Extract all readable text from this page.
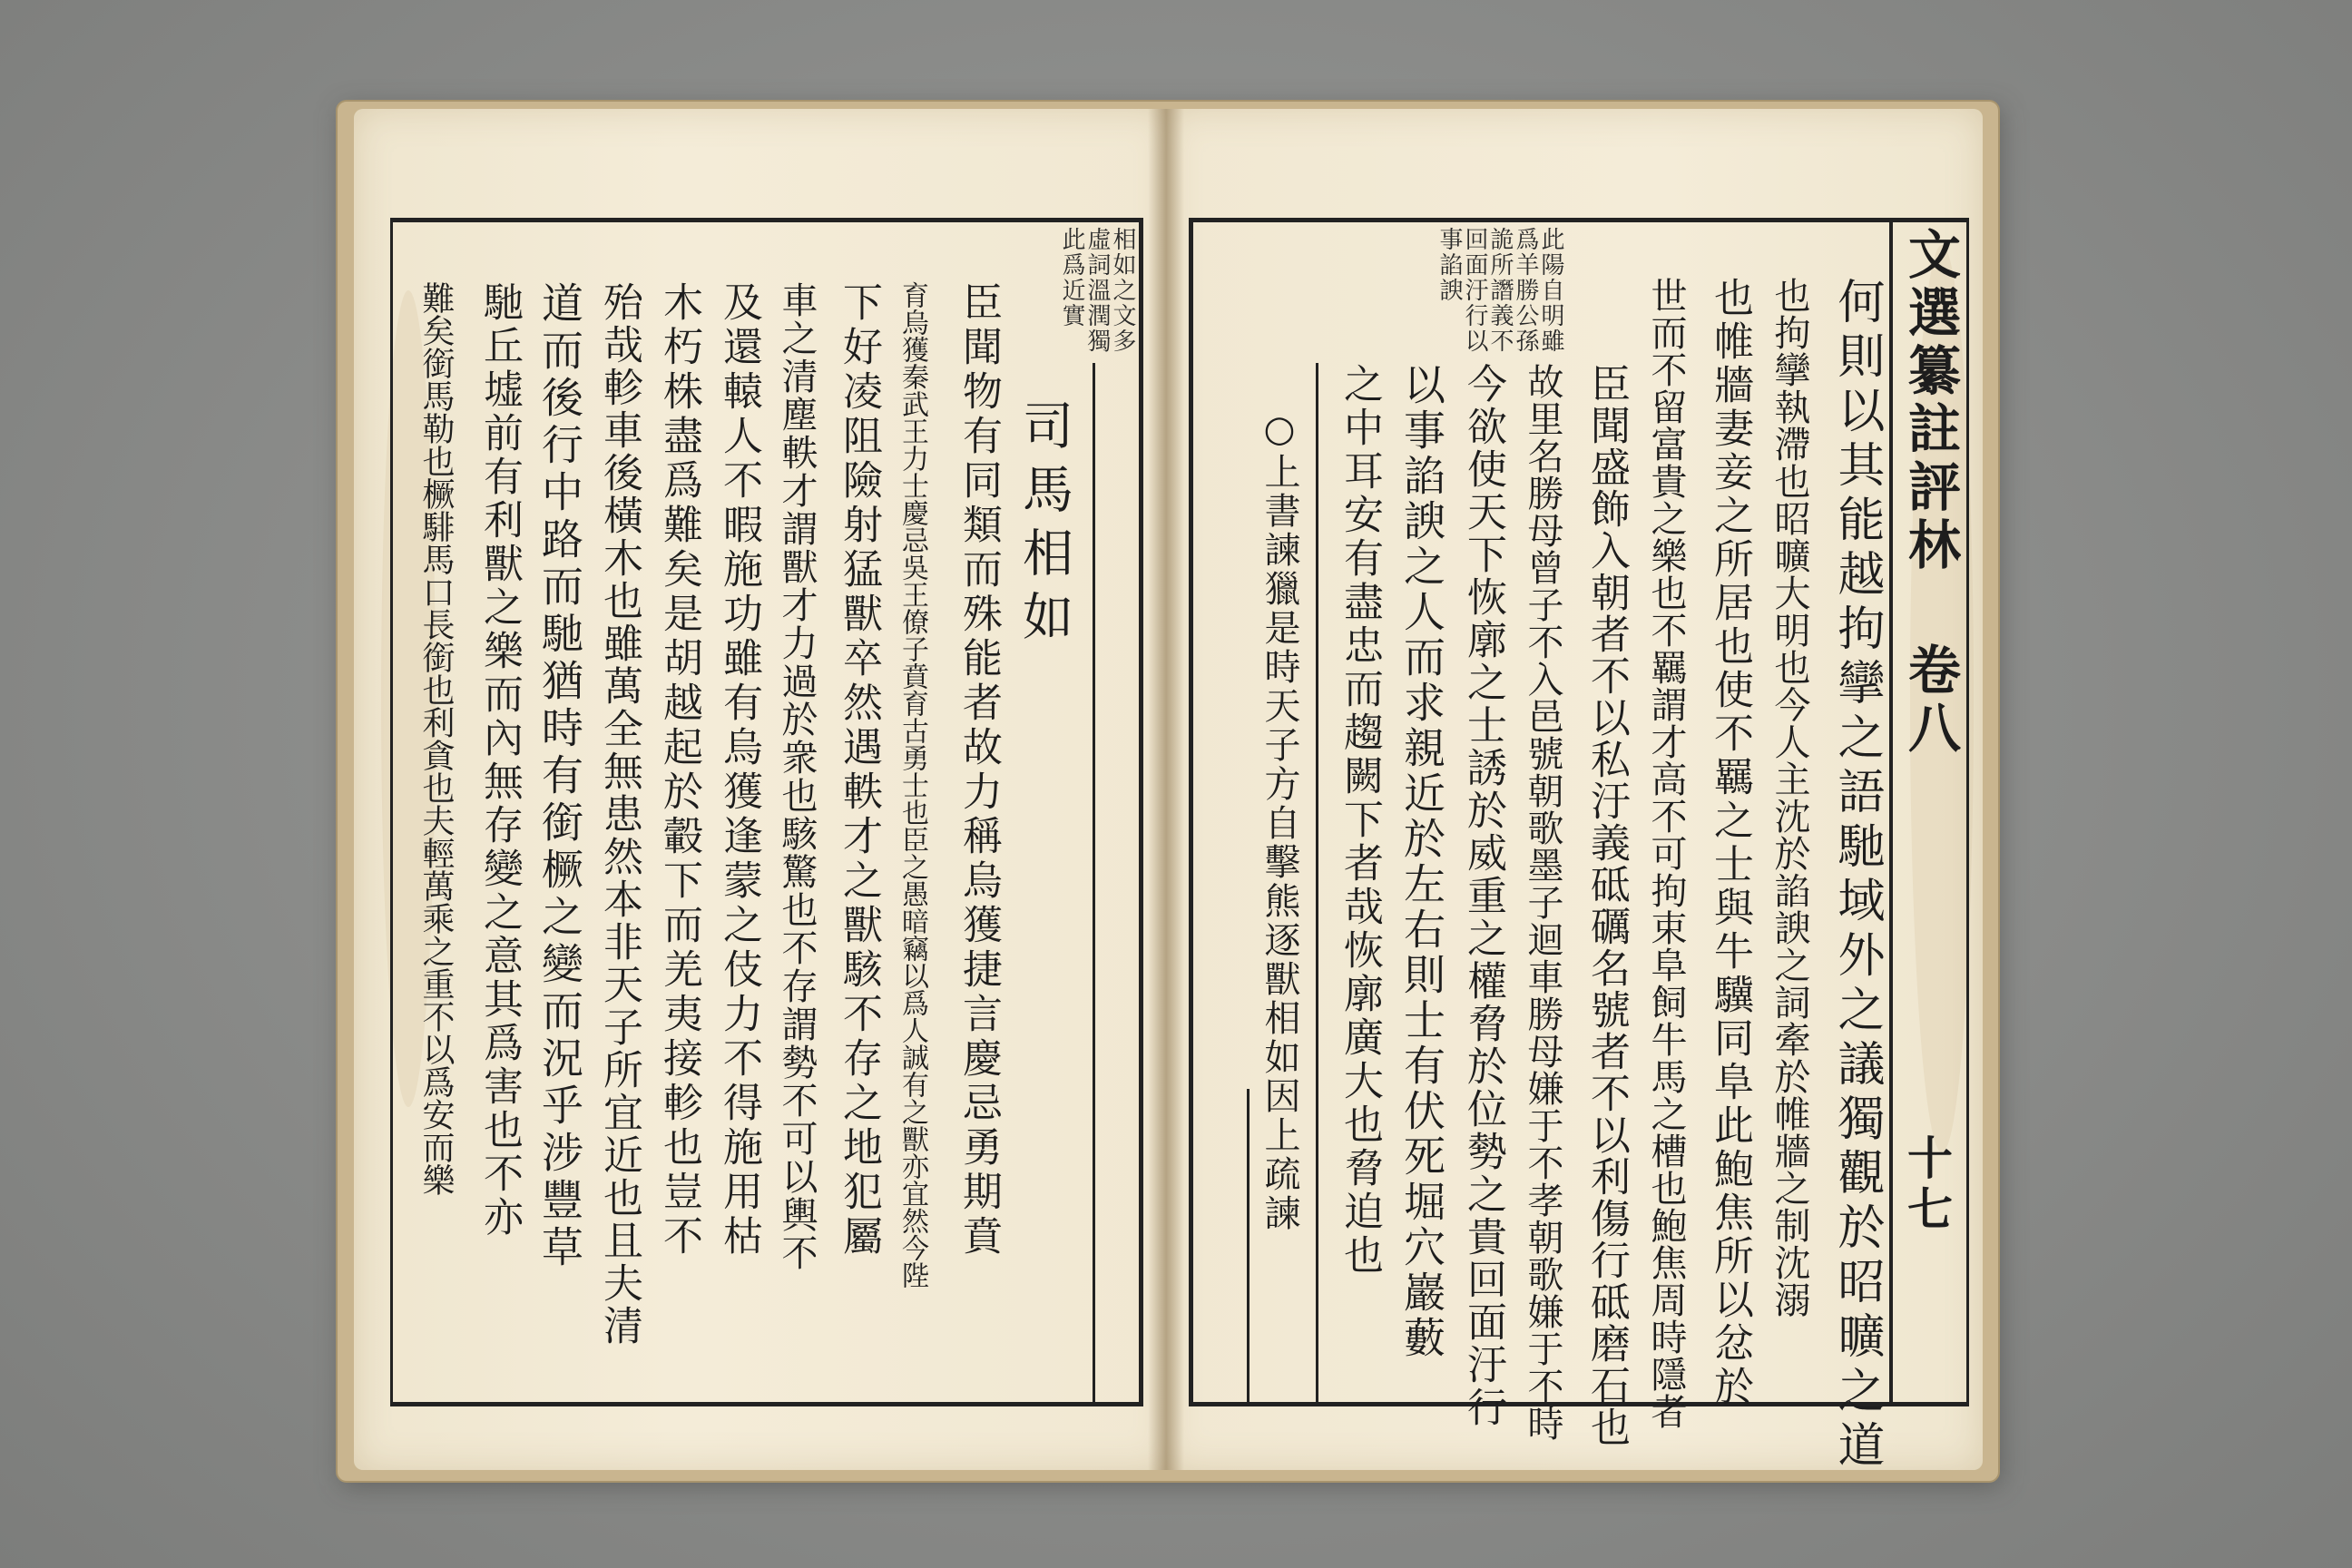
文選纂註評林 卷八
十七
此陽自明雖
爲羊勝公孫
詭所譖義不
回面汙行以
事諂諛
何則以其能越拘攣之語馳域外之議獨觀於昭曠之道
也拘攣執滯也昭曠大明也今人主沈於諂諛之詞牽於帷牆之制沈溺
也帷牆妻妾之所居也使不羈之士與牛驥同阜此鮑焦所以忿於
世而不留富貴之樂也不羈謂才高不可拘束阜飼牛馬之槽也鮑焦周時隱者
臣聞盛飾入朝者不以私汙義砥礪名號者不以利傷行砥磨石也
故里名勝母曾子不入邑號朝歌墨子迴車勝母嫌于不孝朝歌嫌于不時
今欲使天下恢廓之士誘於威重之權脅於位勢之貴回面汙行
以事諂諛之人而求親近於左右則士有伏死堀穴巖藪
之中耳安有盡忠而趨闕下者哉恢廓廣大也脅迫也
○上書諫獵是時天子方自擊熊逐獸相如因上疏諫
相如之文多
虛詞溫潤獨
此爲近實
司馬相如
臣聞物有同類而殊能者故力稱烏獲捷言慶忌勇期賁
育烏獲秦武王力士慶忌吳王僚子賁育古勇士也臣之愚暗竊以爲人誠有之獸亦宜然今陛
下好凌阻險射猛獸卒然遇軼才之獸駭不存之地犯屬
車之清塵軼才謂獸才力過於衆也駭驚也不存謂勢不可以輿不
及還轅人不暇施功雖有烏獲逢蒙之伎力不得施用枯
木朽株盡爲難矣是胡越起於轂下而羌夷接軫也豈不
殆哉軫車後橫木也雖萬全無患然本非天子所宜近也且夫清
道而後行中路而馳猶時有銜橛之變而況乎涉豐草
馳丘墟前有利獸之樂而內無存變之意其爲害也不亦
難矣銜馬勒也橛騑馬口長銜也利貪也夫輕萬乘之重不以爲安而樂
